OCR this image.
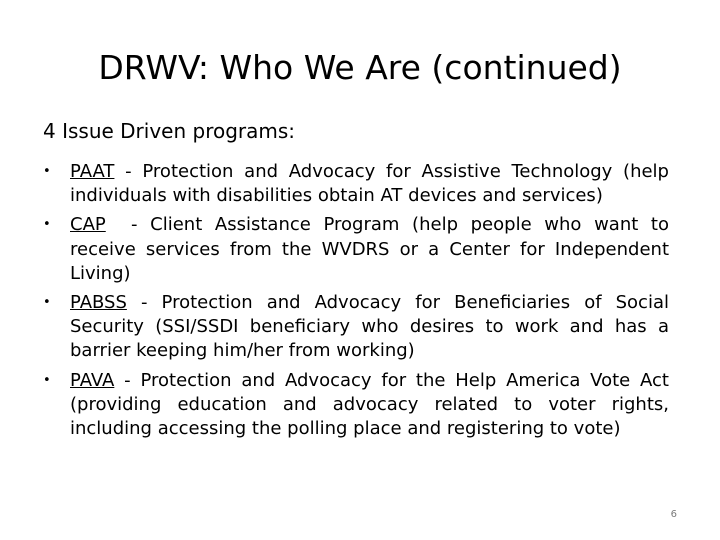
DRWV: Who We Are (continued)

4 Issue Driven programs:

• PAAT - Protection and Advocacy for Assistive Technology (help individuals with disabilities obtain AT devices and services)
• CAP  - Client Assistance Program (help people who want to receive services from the WVDRS or a Center for Independent Living)
• PABSS - Protection and Advocacy for Beneficiaries of Social Security (SSI/SSDI beneficiary who desires to work and has a barrier keeping him/her from working)
• PAVA - Protection and Advocacy for the Help America Vote Act (providing education and advocacy related to voter rights, including accessing the polling place and registering to vote)
6
